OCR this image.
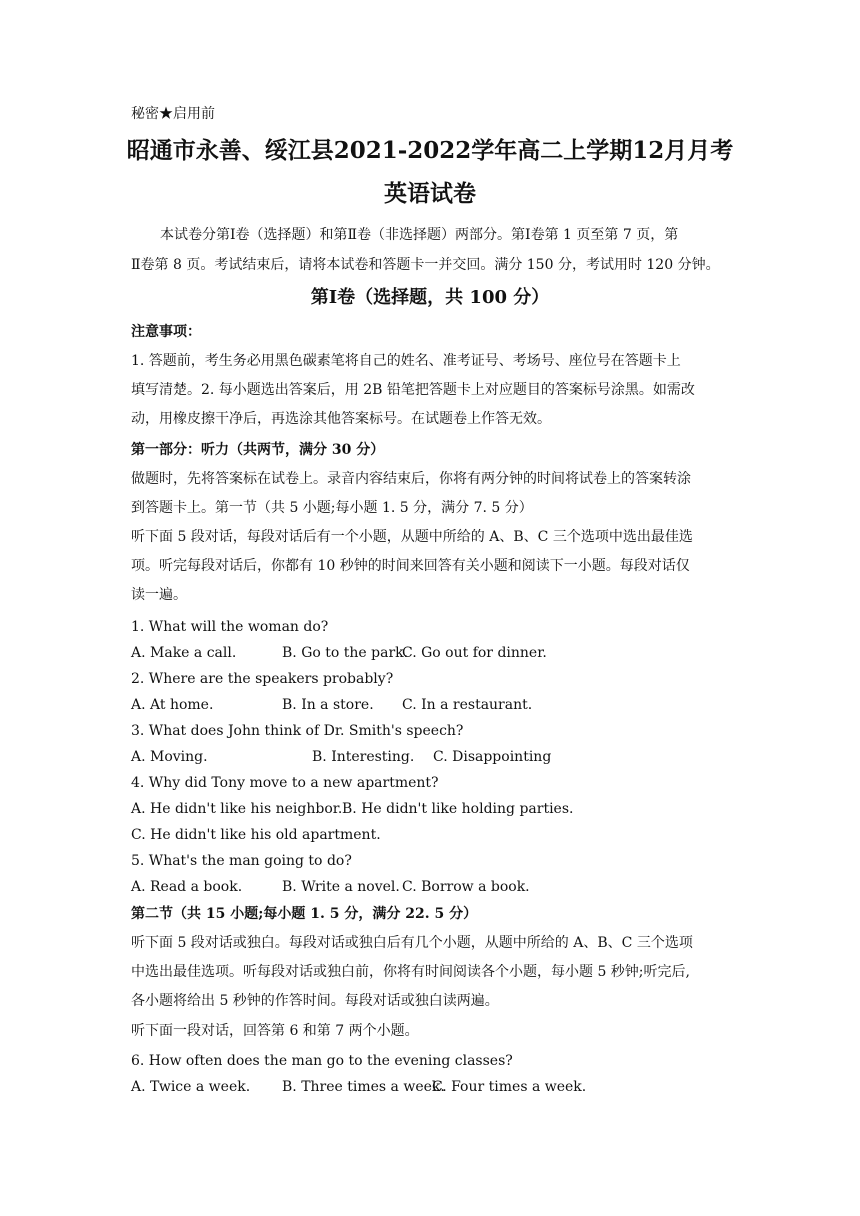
秘密★启用前
昭通市永善、绥江县2021-2022学年高二上学期12月月考
英语试卷
本试卷分第Ⅰ卷（选择题）和第Ⅱ卷（非选择题）两部分。第Ⅰ卷第 1 页至第 7 页，第
Ⅱ卷第 8 页。考试结束后，请将本试卷和答题卡一并交回。满分 150 分，考试用时 120 分钟。
第Ⅰ卷（选择题，共 100 分）
注意事项：
1. 答题前，考生务必用黑色碳素笔将自己的姓名、准考证号、考场号、座位号在答题卡上
填写清楚。2. 每小题选出答案后，用 2B 铅笔把答题卡上对应题目的答案标号涂黑。如需改
动，用橡皮擦干净后，再选涂其他答案标号。在试题卷上作答无效。
第一部分：听力（共两节，满分 30 分）
做题时，先将答案标在试卷上。录音内容结束后，你将有两分钟的时间将试卷上的答案转涂
到答题卡上。第一节（共 5 小题;每小题 1. 5 分，满分 7. 5 分）
听下面 5 段对话，每段对话后有一个小题，从题中所给的 A、B、C 三个选项中选出最佳选
项。听完每段对话后，你都有 10 秒钟的时间来回答有关小题和阅读下一小题。每段对话仅
读一遍。
1. What will the woman do?
A. Make a call.	B. Go to the park.
C. Go out for dinner.
2. Where are the speakers probably?
A. At home.	B. In a store. C. In a restaurant.
3. What does John think of Dr. Smith's speech?
A. Moving.	B. Interesting. C. Disappointing
4. Why did Tony move to a new apartment?
A. He didn't like his neighbor. B. He didn't like holding parties.
C. He didn't like his old apartment.
5. What's the man going to do?
A. Read a book.	B. Write a novel. C. Borrow a book.
第二节（共 15 小题;每小题 1. 5 分，满分 22. 5 分）
听下面 5 段对话或独白。每段对话或独白后有几个小题，从题中所给的 A、B、C 三个选项
中选出最佳选项。听每段对话或独白前，你将有时间阅读各个小题，每小题 5 秒钟;听完后,
各小题将给出 5 秒钟的作答时间。每段对话或独白读两遍。
听下面一段对话，回答第 6 和第 7 两个小题。
6. How often does the man go to the evening classes?
A. Twice a week. B. Three times a week.
C. Four times a week.
